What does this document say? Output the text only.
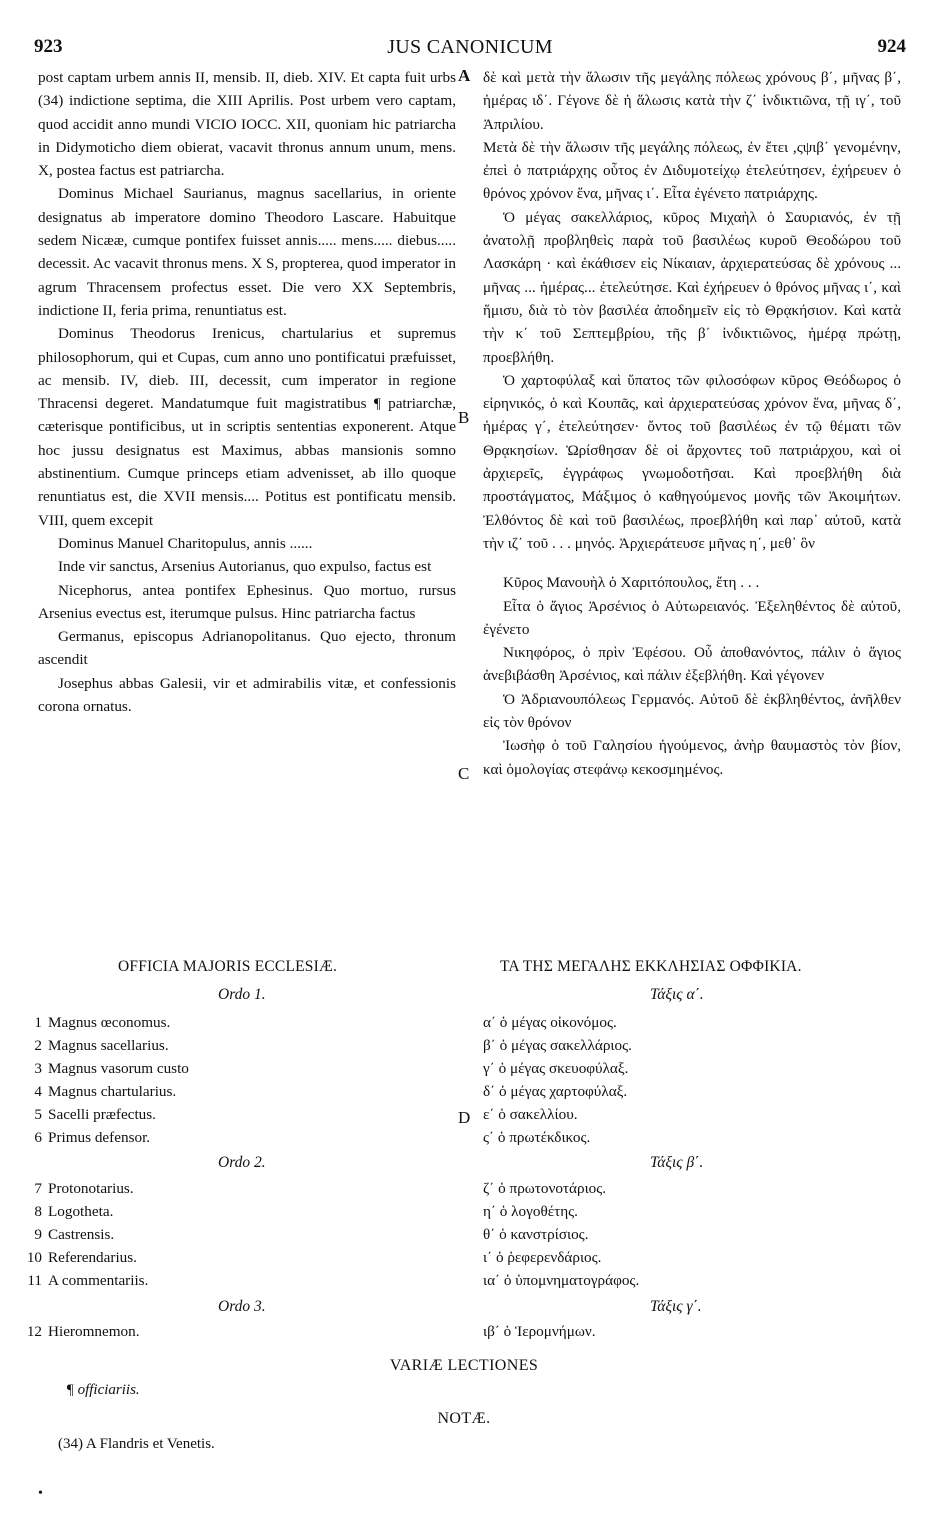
923	JUS CANONICUM	924
A
B
C
D

post captam urbem annis II, mensib. II, dieb. XIV. Et capta fuit urbs (34) indictione septima, die XIII Aprilis. Post urbem vero captam, quod accidit anno mundi VICIO IOCC. XII, quoniam hic patriarcha in Didymoticho diem obierat, vacavit thronus annum unum, mens. X, postea factus est patriarcha.

Dominus Michael Saurianus, magnus sacellarius, in oriente designatus ab imperatore domino Theodoro Lascare. Habuitque sedem Nicææ, cumque pontifex fuisset annis..... mens..... diebus..... decessit. Ac vacavit thronus mens. X S, propterea, quod imperator in agrum Thracensem profectus esset. Die vero XX Septembris, indictione II, feria prima, renuntiatus est.

Dominus Theodorus Irenicus, chartularius et supremus philosophorum, qui et Cupas, cum anno uno pontificatui præfuisset, ac mensib. IV, dieb. III, decessit, cum imperator in regione Thracensi degeret. Mandatumque fuit magistratibus ¶ patriarchæ, cæterisque pontificibus, ut in scriptis sententias exponerent. Atque hoc jussu designatus est Maximus, abbas mansionis somno abstinentium. Cumque princeps etiam advenisset, ab illo quoque renuntiatus est, die XVII mensis.... Potitus est pontificatu mensib. VIII, quem excepit

Dominus Manuel Charitopulus, annis ......

Inde vir sanctus, Arsenius Autorianus, quo expulso, factus est

Nicephorus, antea pontifex Ephesinus. Quo mortuo, rursus Arsenius evectus est, iterumque pulsus. Hinc patriarcha factus

Germanus, episcopus Adrianopolitanus. Quo ejecto, thronum ascendit

Josephus abbas Galesii, vir et admirabilis vitæ, et confessionis corona ornatus.

δὲ καὶ μετὰ τὴν ἅλωσιν τῆς μεγάλης πόλεως χρόνους β΄, μῆνας β΄, ἡμέρας ιδ΄. Γέγονε δὲ ἡ ἅλωσις κατὰ τὴν ζ΄ ἰνδικτιῶνα, τῇ ιγ΄, τοῦ Ἀπριλίου.

Μετὰ δὲ τὴν ἅλωσιν τῆς μεγάλης πόλεως, ἐν ἔτει ,ςψιβ΄ γενομένην, ἐπεὶ ὁ πατριάρχης οὗτος ἐν Διδυμοτείχῳ ἐτελεύτησεν, ἐχήρευεν ὁ θρόνος χρόνον ἕνα, μῆνας ι΄. Εἶτα ἐγένετο πατριάρχης.

Ὁ μέγας σακελλάριος, κῦρος Μιχαὴλ ὁ Σαυριανός, ἐν τῇ ἀνατολῇ προβληθεὶς παρὰ τοῦ βασιλέως κυροῦ Θεοδώρου τοῦ Λασκάρη · καὶ ἐκάθισεν εἰς Νίκαιαν, ἀρχιερατεύσας δὲ χρόνους ... μῆνας ... ἡμέρας... ἐτελεύτησε. Καὶ ἐχήρευεν ὁ θρόνος μῆνας ι΄, καὶ ἥμισυ, διὰ τὸ τὸν βασιλέα ἀποδημεῖν εἰς τὸ Θρᾳκήσιον. Καὶ κατὰ τὴν κ΄ τοῦ Σεπτεμβρίου, τῆς β΄ ἰνδικτιῶνος, ἡμέρᾳ πρώτῃ, προεβλήθη.

Ὁ χαρτοφύλαξ καὶ ὕπατος τῶν φιλοσόφων κῦρος Θεόδωρος ὁ εἰρηνικός, ὁ καὶ Κουπᾶς, καὶ ἀρχιερατεύσας χρόνον ἕνα, μῆνας δ΄, ἡμέρας γ΄, ἐτελεύτησεν· ὄντος τοῦ βασιλέως ἐν τῷ θέματι τῶν Θρᾳκησίων. Ὡρίσθησαν δὲ οἱ ἄρχοντες τοῦ πατριάρχου, καὶ οἱ ἀρχιερεῖς, ἐγγράφως γνωμοδοτῆσαι. Καὶ προεβλήθη διὰ προστάγματος, Μάξιμος ὁ καθηγούμενος μονῆς τῶν Ἀκοιμήτων. Ἐλθόντος δὲ καὶ τοῦ βασιλέως, προεβλήθη καὶ παρ᾽ αὐτοῦ, κατὰ τὴν ιζ΄ τοῦ . . . μηνός. Ἀρχιεράτευσε μῆνας η΄, μεθ᾽ ὃν

Κῦρος Μανουὴλ ὁ Χαριτόπουλος, ἔτη . . .

Εἶτα ὁ ἅγιος Ἀρσένιος ὁ Αὐτωρειανός. Ἐξεληθέντος δὲ αὐτοῦ, ἐγένετο

Νικηφόρος, ὁ πρὶν Ἐφέσου. Οὗ ἀποθανόντος, πάλιν ὁ ἅγιος ἀνεβιβάσθη Ἀρσένιος, καὶ πάλιν ἐξεβλήθη. Καὶ γέγονεν

Ὁ Ἀδριανουπόλεως Γερμανός. Αὐτοῦ δὲ ἐκβληθέντος, ἀνῆλθεν εἰς τὸν θρόνον

Ἰωσὴφ ὁ τοῦ Γαλησίου ἡγούμενος, ἀνὴρ θαυμαστὸς τὸν βίον, καὶ ὁμολογίας στεφάνῳ κεκοσμημένος.

OFFICIA MAJORIS ECCLESIÆ.	ΤΑ ΤΗΣ ΜΕΓΑΛΗΣ ΕΚΚΛΗΣΙΑΣ ΟΦΦΙΚΙΑ.
Ordo 1.	Τάξις α΄.
1 Magnus œconomus.
2 Magnus sacellarius.
3 Magnus vasorum custo
4 Magnus chartularius.
5 Sacelli præfectus.
6 Primus defensor.
Ordo 2.
7 Protonotarius.
8 Logotheta.
9 Castrensis.
10 Referendarius.
11 A commentariis.
Ordo 3.
12 Hieromnemon.
α΄ ὁ μέγας οἰκονόμος.
β΄ ὁ μέγας σακελλάριος.
γ΄ ὁ μέγας σκευοφύλαξ.
δ΄ ὁ μέγας χαρτοφύλαξ.
ε΄ ὁ σακελλίου.
ς΄ ὁ πρωτέκδικος.
Τάξις β΄.
ζ΄ ὁ πρωτονοτάριος.
η΄ ὁ λογοθέτης.
θ΄ ὁ κανστρίσιος.
ι΄ ὁ ῥεφερενδάριος.
ια΄ ὁ ὑπομνηματογράφος.
Τάξις γ΄.
ιβ΄ ὁ Ἱερομνήμων.
VARIÆ LECTIONES
¶ officiariis.
NOTÆ.
(34) A Flandris et Venetis.
•
